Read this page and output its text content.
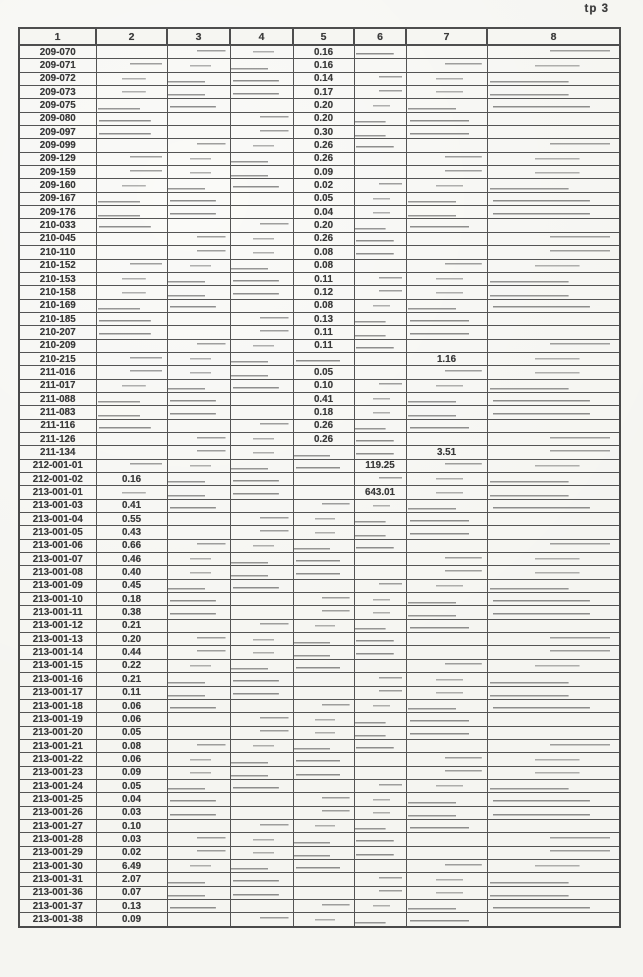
tp 3
1	2	3	4	5	6	7	8
209-070				0.16			
209-071				0.16			
209-072				0.14			
209-073				0.17			
209-075				0.20			
209-080				0.20			
209-097				0.30			
209-099				0.26			
209-129				0.26			
209-159				0.09			
209-160				0.02			
209-167				0.05			
209-176				0.04			
210-033				0.20			
210-045				0.26			
210-110				0.08			
210-152				0.08			
210-153				0.11			
210-158				0.12			
210-169				0.08			
210-185				0.13			
210-207				0.11			
210-209				0.11			
210-215						1.16	
211-016				0.05			
211-017				0.10			
211-088				0.41			
211-083				0.18			
211-116				0.26			
211-126				0.26			
211-134						3.51	
212-001-01					119.25		
212-001-02	0.16						
213-001-01					643.01		
213-001-03	0.41						
213-001-04	0.55						
213-001-05	0.43						
213-001-06	0.66						
213-001-07	0.46						
213-001-08	0.40						
213-001-09	0.45						
213-001-10	0.18						
213-001-11	0.38						
213-001-12	0.21						
213-001-13	0.20						
213-001-14	0.44						
213-001-15	0.22						
213-001-16	0.21						
213-001-17	0.11						
213-001-18	0.06						
213-001-19	0.06						
213-001-20	0.05						
213-001-21	0.08						
213-001-22	0.06						
213-001-23	0.09						
213-001-24	0.05						
213-001-25	0.04						
213-001-26	0.03						
213-001-27	0.10						
213-001-28	0.03						
213-001-29	0.02						
213-001-30	6.49						
213-001-31	2.07						
213-001-36	0.07						
213-001-37	0.13						
213-001-38	0.09						
